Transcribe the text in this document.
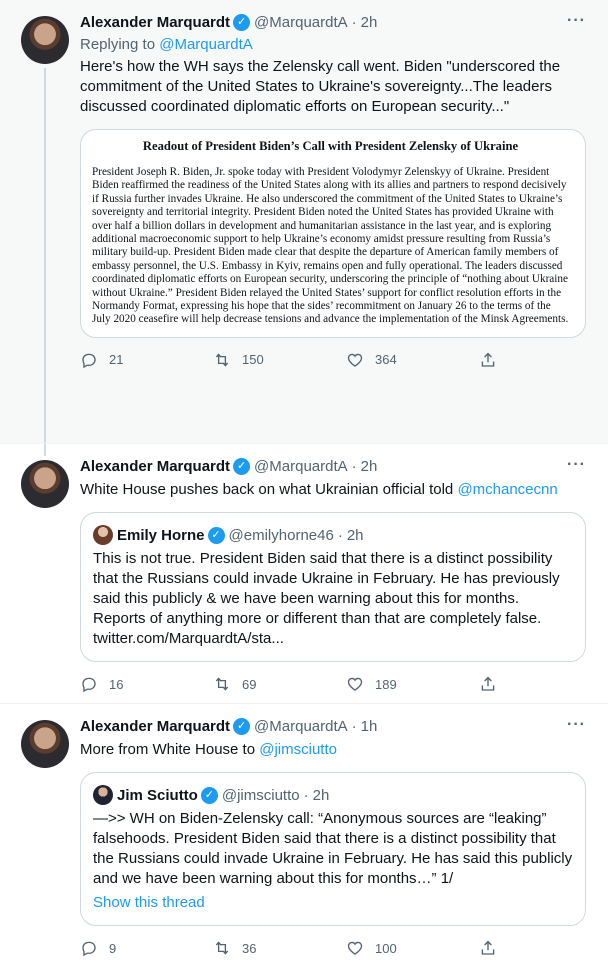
Alexander Marquardt ✓ @MarquardtA · 2h	···
Replying to @MarquardtA
Here's how the WH says the Zelensky call went. Biden "underscored the commitment of the United States to Ukraine's sovereignty...The leaders discussed coordinated diplomatic efforts on European security..."
Readout of President Biden’s Call with President Zelensky of Ukraine
President Joseph R. Biden, Jr. spoke today with President Volodymyr Zelenskyy of Ukraine. President Biden reaffirmed the readiness of the United States along with its allies and partners to respond decisively if Russia further invades Ukraine. He also underscored the commitment of the United States to Ukraine’s sovereignty and territorial integrity. President Biden noted the United States has provided Ukraine with over half a billion dollars in development and humanitarian assistance in the last year, and is exploring additional macroeconomic support to help Ukraine’s economy amidst pressure resulting from Russia’s military build-up. President Biden made clear that despite the departure of American family members of embassy personnel, the U.S. Embassy in Kyiv, remains open and fully operational. The leaders discussed coordinated diplomatic efforts on European security, underscoring the principle of “nothing about Ukraine without Ukraine.” President Biden relayed the United States’ support for conflict resolution efforts in the Normandy Format, expressing his hope that the sides’ recommitment on January 26 to the terms of the July 2020 ceasefire will help decrease tensions and advance the implementation of the Minsk Agreements.
21	150	364
Alexander Marquardt ✓ @MarquardtA · 2h	···
White House pushes back on what Ukrainian official told @mchancecnn
Emily Horne ✓ @emilyhorne46 · 2h
This is not true. President Biden said that there is a distinct possibility that the Russians could invade Ukraine in February. He has previously said this publicly & we have been warning about this for months. Reports of anything more or different than that are completely false. twitter.com/MarquardtA/sta...
16	69	189
Alexander Marquardt ✓ @MarquardtA · 1h	···
More from White House to @jimsciutto
Jim Sciutto ✓ @jimsciutto · 2h
—>> WH on Biden-Zelensky call: “Anonymous sources are “leaking” falsehoods. President Biden said that there is a distinct possibility that the Russians could invade Ukraine in February. He has said this publicly and we have been warning about this for months…” 1/
Show this thread
9	36	100
